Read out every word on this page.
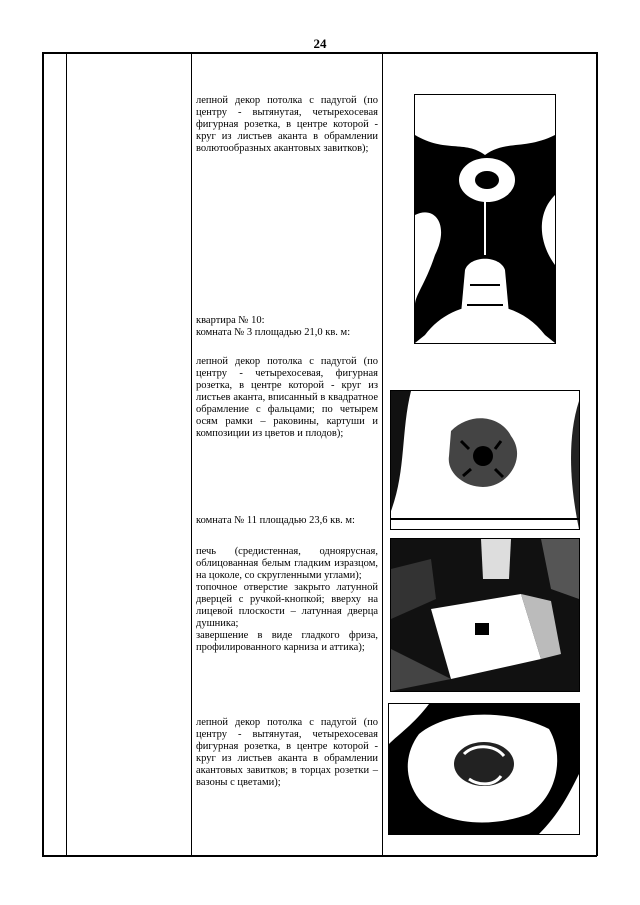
24

лепной декор потолка с падугой (по центру - вытянутая, четырехосевая фигурная розетка, в центре которой - круг из листьев аканта в обрамлении волютообразных акантовых завитков);

квартира № 10:

комната № 3 площадью 21,0 кв. м:

лепной декор потолка с падугой (по центру - четырехосевая, фигурная розетка, в центре которой - круг из листьев аканта, вписанный в квадратное обрамление с фальцами; по четырем осям рамки – раковины, картуши и композиции из цветов и плодов);

комната № 11 площадью 23,6 кв. м:

печь (средистенная, одноярусная, облицованная белым гладким изразцом, на цоколе, со скругленными углами);

топочное отверстие закрыто латунной дверцей с ручкой-кнопкой; вверху на лицевой плоскости – латунная дверца душника;

завершение в виде гладкого фриза, профилированного карниза и аттика);

лепной декор потолка с падугой (по центру - вытянутая, четырехосевая фигурная розетка, в центре которой - круг из листьев аканта в обрамлении акантовых завитков; в торцах розетки – вазоны с цветами);
